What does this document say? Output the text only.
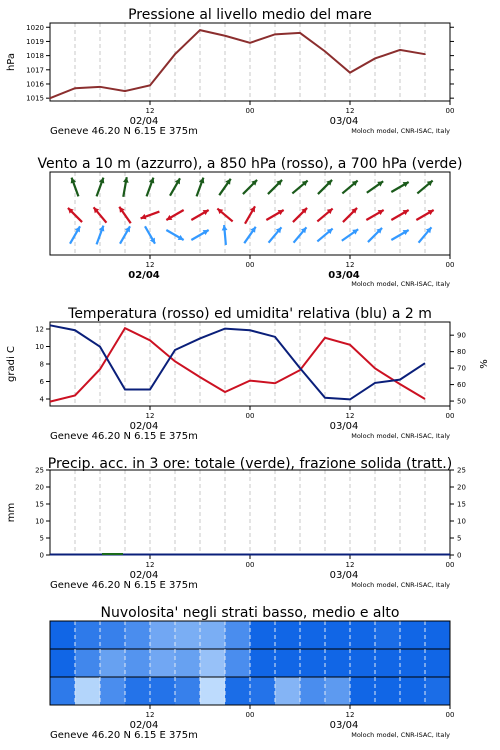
Pressione al livello medio del mare
12	00	12	00
02/04	03/04
Geneve 46.20 N 6.15 E 375m	Moloch model, CNR-ISAC, Italy
1015
1016
1017
1018
1019
1020
hPa
Vento a 10 m (azzurro), a 850 hPa (rosso), a 700 hPa (verde)
12	00	12	00
02/04	03/04
Moloch model, CNR-ISAC, Italy
Temperatura (rosso) ed umidita' relativa (blu) a 2 m
12	00	12	00
02/04	03/04
Geneve 46.20 N 6.15 E 375m	Moloch model, CNR-ISAC, Italy
4
6
8
10
12
50
60
70
80
90
gradi C	%
Precip. acc. in 3 ore: totale (verde), frazione solida (tratt.)
12	00	12	00
02/04	03/04
Geneve 46.20 N 6.15 E 375m	Moloch model, CNR-ISAC, Italy
0	0
5	5
10	10
15	15
20	20
25	25
mm
Nuvolosita' negli strati basso, medio e alto
12	00	12	00
02/04	03/04
Geneve 46.20 N 6.15 E 375m	Moloch model, CNR-ISAC, Italy
